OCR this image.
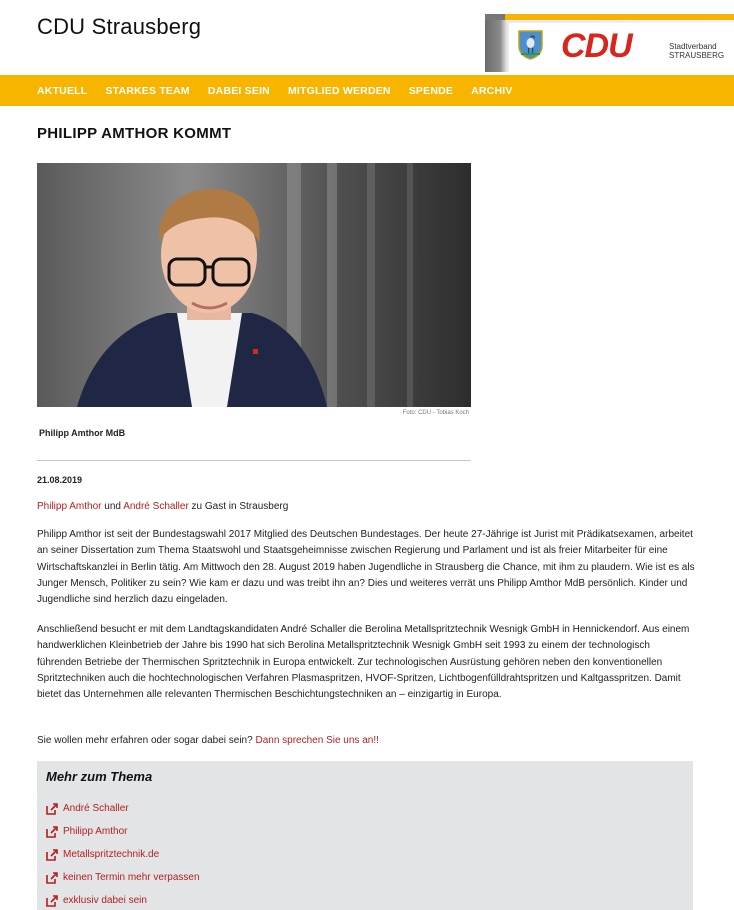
CDU Strausberg
CDU	Stadtverband
STRAUSBERG
AKTUELL STARKES TEAM DABEI SEIN MITGLIED WERDEN SPENDE ARCHIV
PHILIPP AMTHOR KOMMT
Foto: CDU - Tobias Koch
Philipp Amthor MdB
21.08.2019
Philipp Amthor und André Schaller zu Gast in Strausberg

Philipp Amthor ist seit der Bundestagswahl 2017 Mitglied des Deutschen Bundestages. Der heute 27-Jährige ist Jurist mit Prädikatsexamen, arbeitet an seiner Dissertation zum Thema Staatswohl und Staatsgeheimnisse zwischen Regierung und Parlament und ist als freier Mitarbeiter für eine Wirtschaftskanzlei in Berlin tätig. Am Mittwoch den 28. August 2019 haben Jugendliche in Strausberg die Chance, mit ihm zu plaudern. Wie ist es als Junger Mensch, Politiker zu sein? Wie kam er dazu und was treibt ihn an? Dies und weiteres verrät uns Philipp Amthor MdB persönlich. Kinder und Jugendliche sind herzlich dazu eingeladen.

Anschließend besucht er mit dem Landtagskandidaten André Schaller die Berolina Metallspritztechnik Wesnigk GmbH in Hennickendorf. Aus einem handwerklichen Kleinbetrieb der Jahre bis 1990 hat sich Berolina Metallspritztechnik Wesnigk GmbH seit 1993 zu einem der technologisch führenden Betriebe der Thermischen Spritztechnik in Europa entwickelt. Zur technologischen Ausrüstung gehören neben den konventionellen Spritztechniken auch die hochtechnologischen Verfahren Plasmaspritzen, HVOF-Spritzen, Lichtbogenfülldrahtspritzen und Kaltgasspritzen. Damit bietet das Unternehmen alle relevanten Thermischen Beschichtungstechniken an – einzigartig in Europa.

Sie wollen mehr erfahren oder sogar dabei sein? Dann sprechen Sie uns an!!
Mehr zum Thema
André Schaller
Philipp Amthor
Metallspritztechnik.de
keinen Termin mehr verpassen
exklusiv dabei sein
